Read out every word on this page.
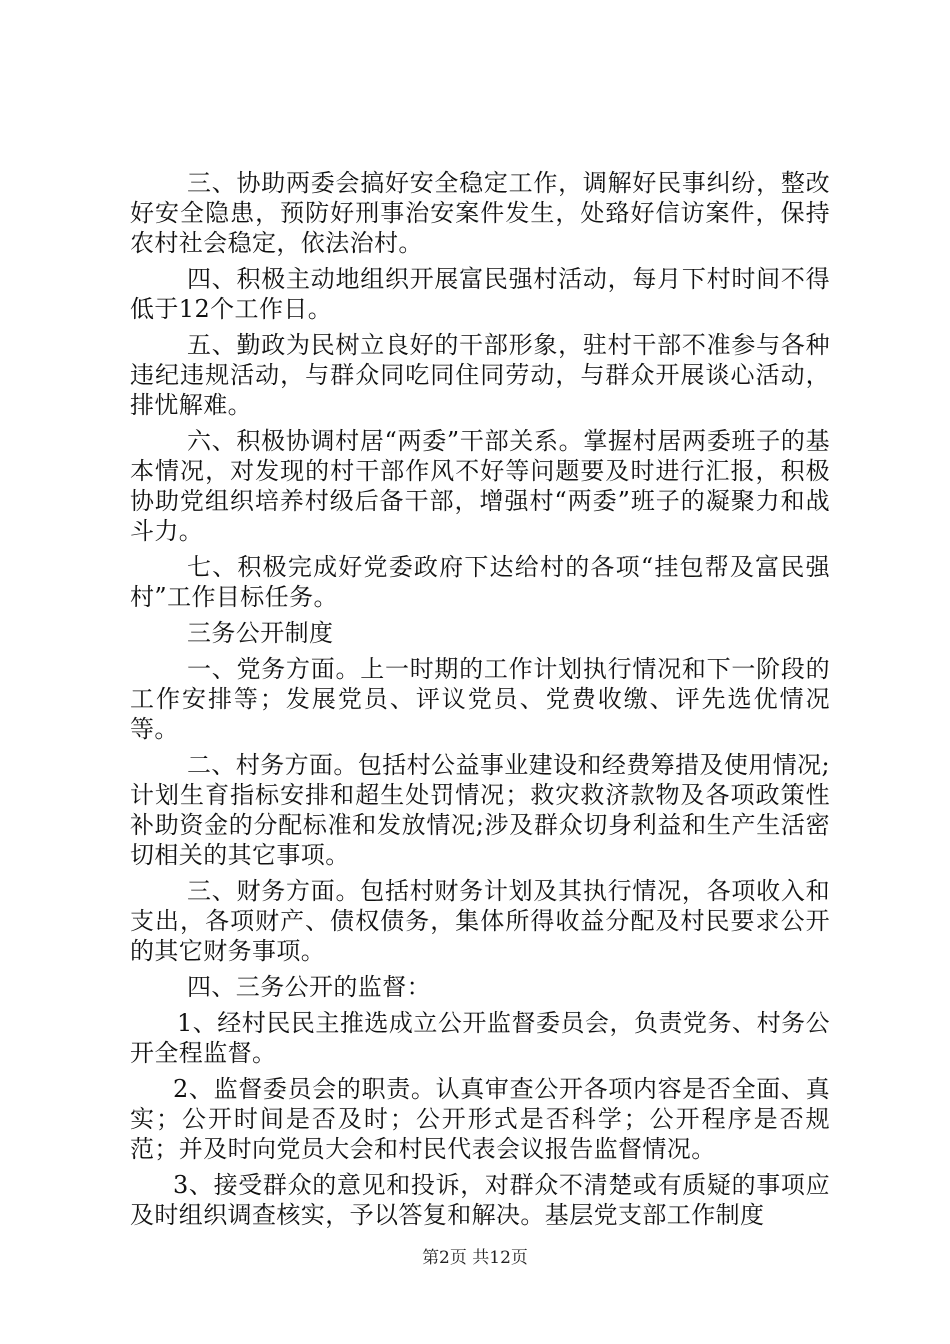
三、协助两委会搞好安全稳定工作，调解好民事纠纷，整改好安全隐患，预防好刑事治安案件发生，处臵好信访案件，保持农村社会稳定，依法治村。

四、积极主动地组织开展富民强村活动，每月下村时间不得低于12个工作日。

五、勤政为民树立良好的干部形象，驻村干部不准参与各种违纪违规活动，与群众同吃同住同劳动，与群众开展谈心活动，排忧解难。

六、积极协调村居“两委”干部关系。掌握村居两委班子的基本情况，对发现的村干部作风不好等问题要及时进行汇报，积极协助党组织培养村级后备干部，增强村“两委”班子的凝聚力和战斗力。

七、积极完成好党委政府下达给村的各项“挂包帮及富民强村”工作目标任务。

三务公开制度

一、党务方面。上一时期的工作计划执行情况和下一阶段的工作安排等；发展党员、评议党员、党费收缴、评先选优情况等。

二、村务方面。包括村公益事业建设和经费筹措及使用情况;计划生育指标安排和超生处罚情况；救灾救济款物及各项政策性补助资金的分配标准和发放情况;涉及群众切身利益和生产生活密切相关的其它事项。

三、财务方面。包括村财务计划及其执行情况，各项收入和支出，各项财产、债权债务，集体所得收益分配及村民要求公开的其它财务事项。

四、三务公开的监督：

1、经村民民主推选成立公开监督委员会，负责党务、村务公开全程监督。

2、监督委员会的职责。认真审查公开各项内容是否全面、真实；公开时间是否及时；公开形式是否科学；公开程序是否规范；并及时向党员大会和村民代表会议报告监督情况。

3、接受群众的意见和投诉，对群众不清楚或有质疑的事项应及时组织调查核实，予以答复和解决。基层党支部工作制度

第2页 共12页
